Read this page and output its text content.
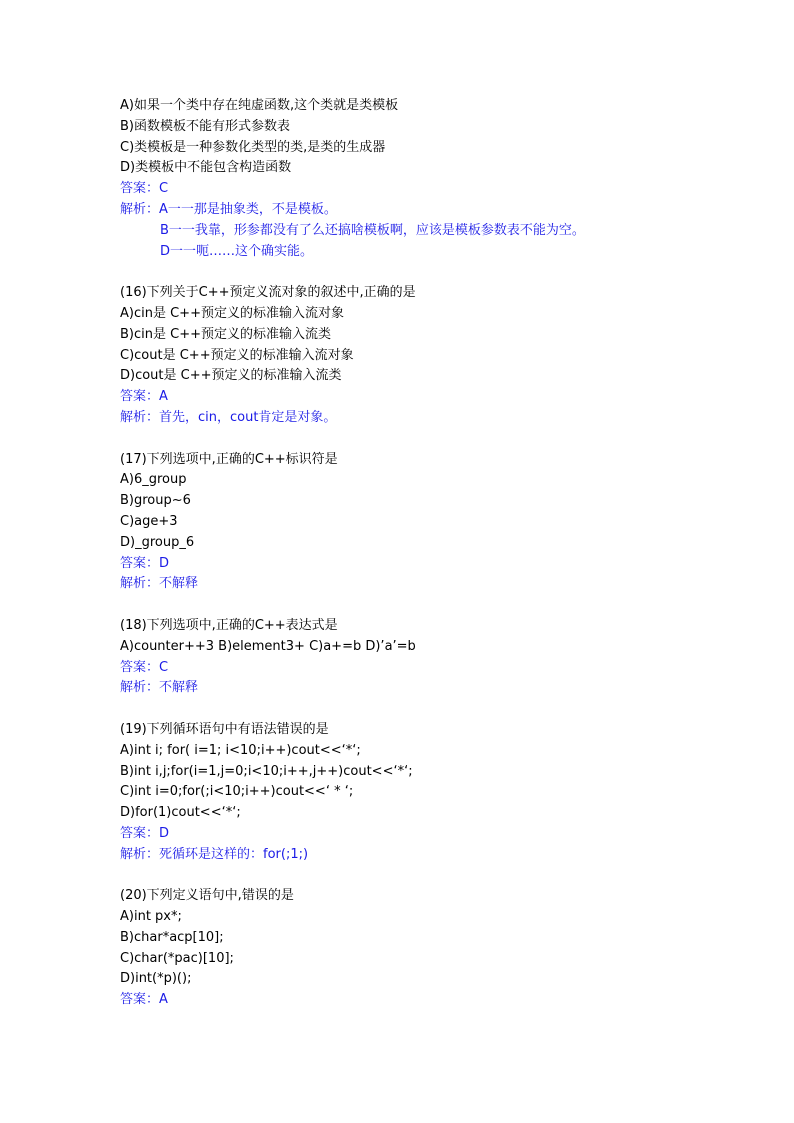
A)如果一个类中存在纯虚函数,这个类就是类模板
B)函数模板不能有形式参数表
C)类模板是一种参数化类型的类,是类的生成器
D)类模板中不能包含构造函数
答案：C
解析：A一一那是抽象类，不是模板。
B一一我靠，形参都没有了么还搞啥模板啊，应该是模板参数表不能为空。
D一一呃……这个确实能。
(16)下列关于C++预定义流对象的叙述中,正确的是
A)cin是 C++预定义的标准输入流对象
B)cin是 C++预定义的标准输入流类
C)cout是 C++预定义的标准输入流对象
D)cout是 C++预定义的标准输入流类
答案：A
解析：首先，cin，cout肯定是对象。
(17)下列选项中,正确的C++标识符是
A)6_group
B)group~6
C)age+3
D)_group_6
答案：D
解析：不解释
(18)下列选项中,正确的C++表达式是
A)counter++3 B)element3+ C)a+=b D)’a’=b
答案：C
解析：不解释
(19)下列循环语句中有语法错误的是
A)int i; for( i=1; i<10;i++)cout<<‘*‘;
B)int i,j;for(i=1,j=0;i<10;i++,j++)cout<<‘*‘;
C)int i=0;for(;i<10;i++)cout<<‘ * ‘;
D)for(1)cout<<‘*‘;
答案：D
解析：死循环是这样的：for(;1;)
(20)下列定义语句中,错误的是
A)int px*;
B)char*acp[10];
C)char(*pac)[10];
D)int(*p)();
答案：A
